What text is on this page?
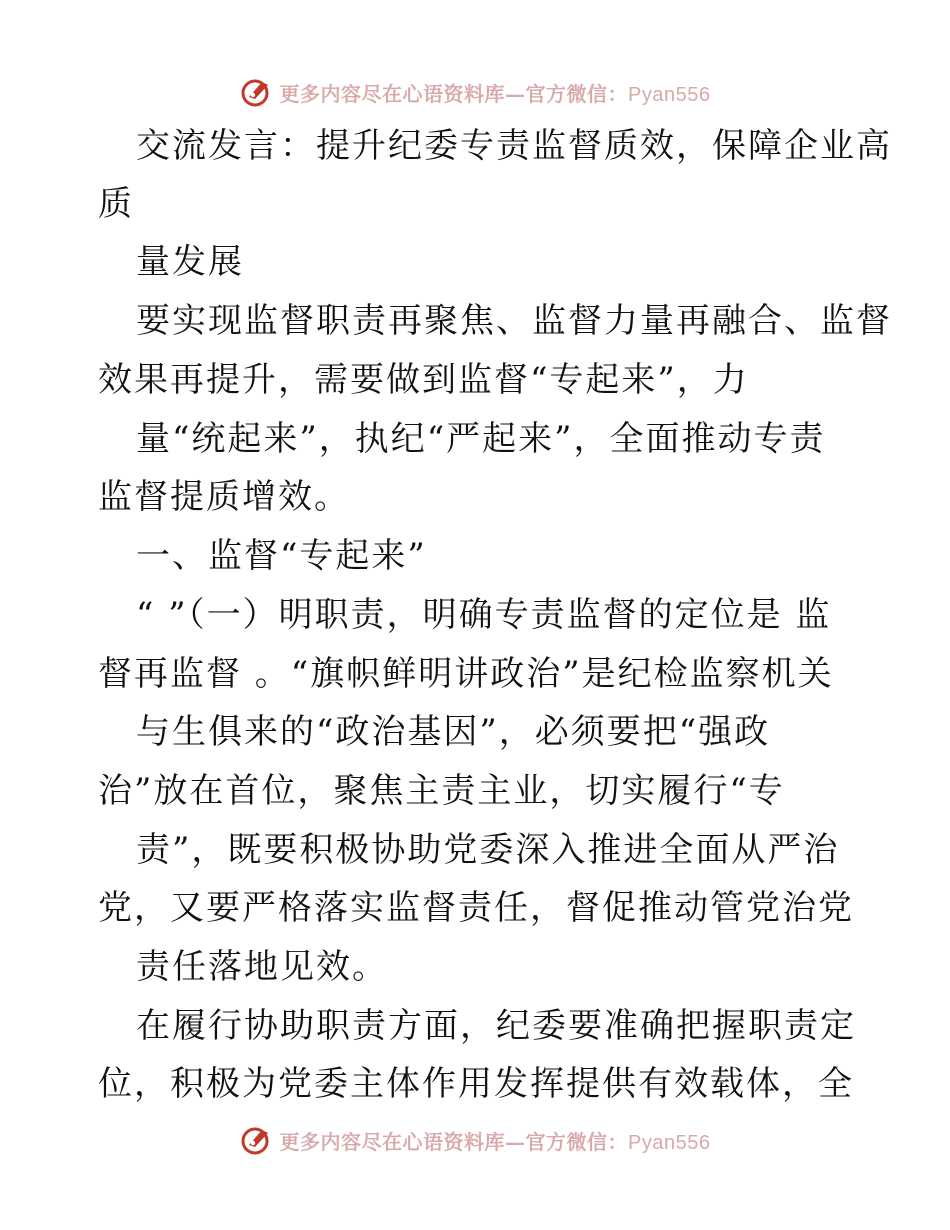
更多内容尽在心语资料库—官方微信：Pyan556
交流发言：提升纪委专责监督质效，保障企业高
质
量发展
要实现监督职责再聚焦、监督力量再融合、监督
效果再提升，需要做到监督“专起来”，力
量“统起来”，执纪“严起来”，全面推动专责
监督提质增效。
一、监督“专起来”
“ ”（一）明职责，明确专责监督的定位是 监
督再监督 。“旗帜鲜明讲政治”是纪检监察机关
与生俱来的“政治基因”，必须要把“强政
治”放在首位，聚焦主责主业，切实履行“专
责”，既要积极协助党委深入推进全面从严治
党，又要严格落实监督责任，督促推动管党治党
责任落地见效。
在履行协助职责方面，纪委要准确把握职责定
位，积极为党委主体作用发挥提供有效载体，全
更多内容尽在心语资料库—官方微信：Pyan556
